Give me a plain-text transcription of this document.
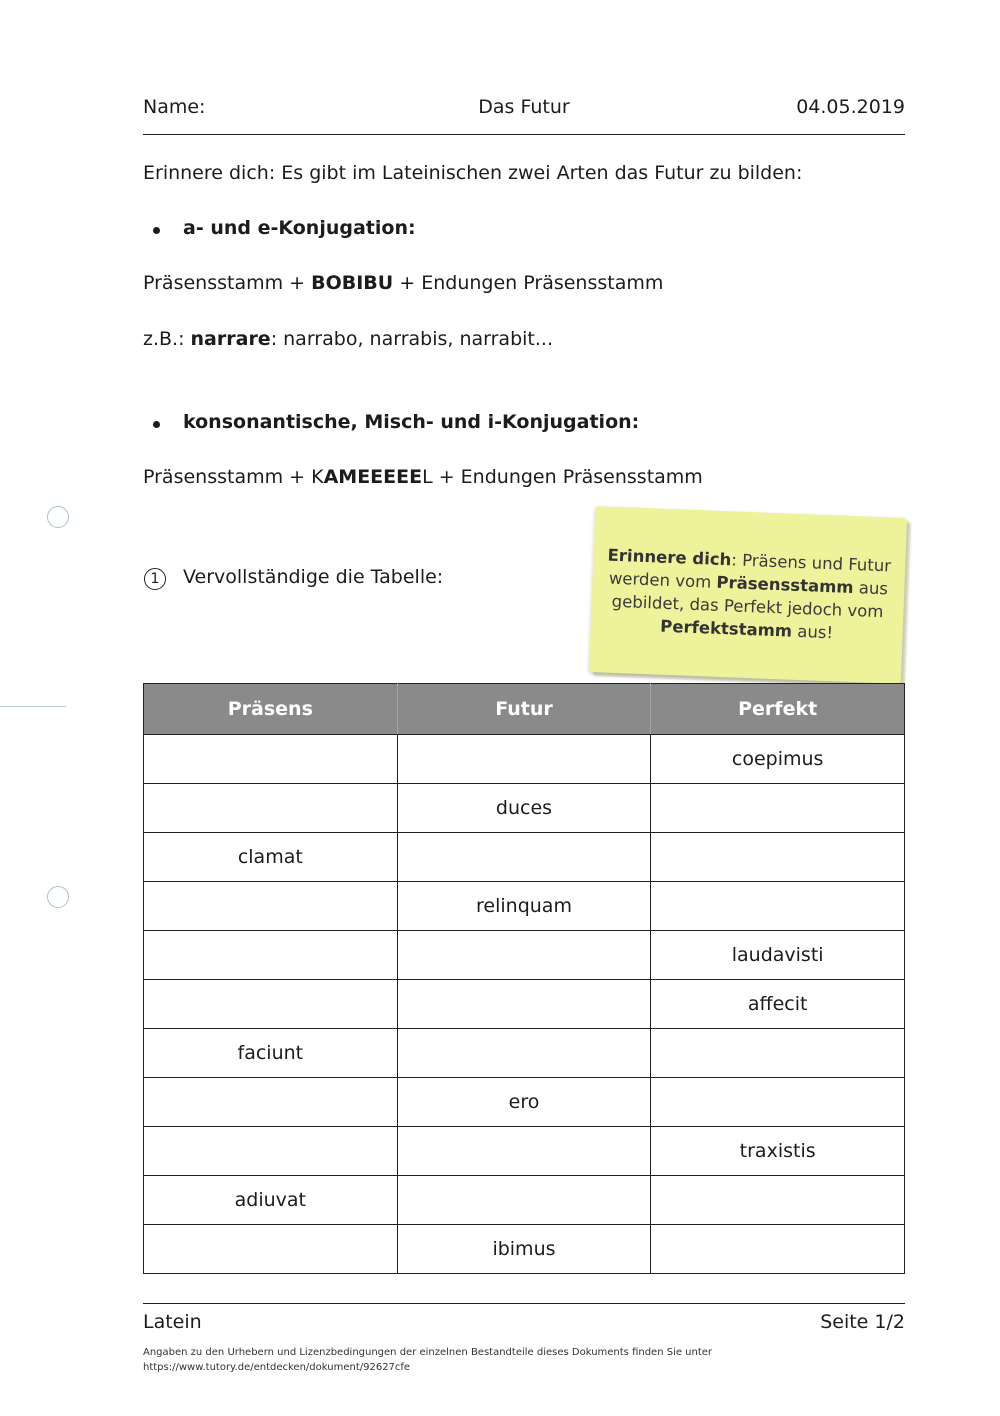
Name:	Das Futur	04.05.2019
Erinnere dich: Es gibt im Lateinischen zwei Arten das Futur zu bilden:
a- und e-Konjugation:
Präsensstamm + BOBIBU + Endungen Präsensstamm
z.B.: narrare: narrabo, narrabis, narrabit...
konsonantische, Misch- und i-Konjugation:
Präsensstamm + KAMEEEEEL + Endungen Präsensstamm
1	Vervollständige die Tabelle:
Erinnere dich: Präsens und Futur werden vom Präsensstamm aus gebildet, das Perfekt jedoch vom Perfektstamm aus!
Präsens	Futur	Perfekt
		coepimus
	duces	
clamat		
	relinquam	
		laudavisti
		affecit
faciunt		
	ero	
		traxistis
adiuvat		
	ibimus	
Latein	Seite 1/2
Angaben zu den Urhebern und Lizenzbedingungen der einzelnen Bestandteile dieses Dokuments finden Sie unter
https://www.tutory.de/entdecken/dokument/92627cfe
